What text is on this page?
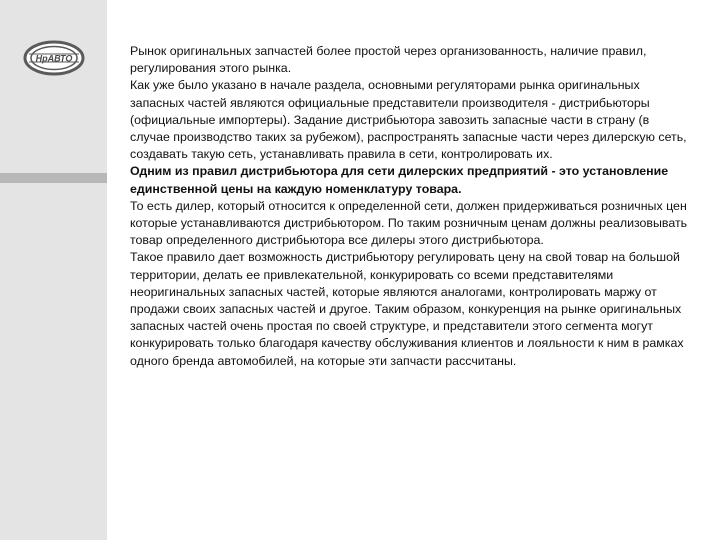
НрАВТО

Рынок оригинальных запчастей более простой через организованность, наличие правил, регулирования этого рынка.

Как уже было указано в начале раздела, основными регуляторами рынка оригинальных запасных частей являются официальные представители производителя - дистрибьюторы (официальные импортеры). Задание дистрибьютора завозить запасные части в страну (в случае производство таких за рубежом), распространять запасные части через дилерскую сеть, создавать такую сеть, устанавливать правила в сети, контролировать их.

Одним из правил дистрибьютора для сети дилерских предприятий - это установление единственной цены на каждую номенклатуру товара.

То есть дилер, который относится к определенной сети, должен придерживаться розничных цен которые устанавливаются дистрибьютором. По таким розничным ценам должны реализовывать товар определенного дистрибьютора все дилеры этого дистрибьютора.

Такое правило дает возможность дистрибьютору регулировать цену на свой товар на большой территории, делать ее привлекательной, конкурировать со всеми представителями неоригинальных запасных частей, которые являются аналогами, контролировать маржу от продажи своих запасных частей и другое. Таким образом, конкуренция на рынке оригинальных запасных частей очень простая по своей структуре, и представители этого сегмента могут конкурировать только благодаря качеству обслуживания клиентов и лояльности к ним в рамках одного бренда автомобилей, на которые эти запчасти рассчитаны.
